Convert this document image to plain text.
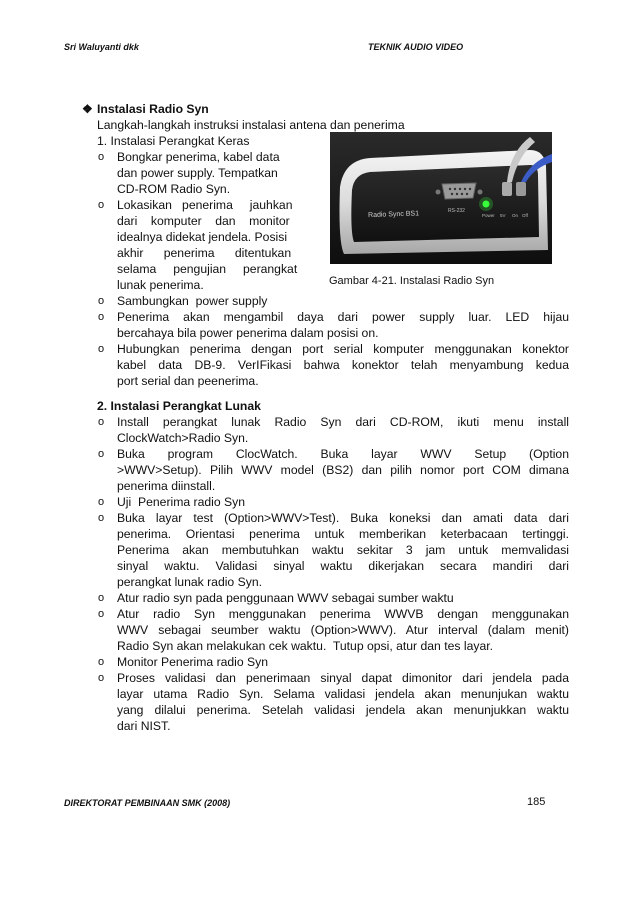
Sri Waluyanti dkk	TEKNIK AUDIO VIDEO
❖ Instalasi Radio Syn
Langkah-langkah instruksi instalasi antena dan penerima
1. Instalasi Perangkat Keras
o Bongkar penerima, kabel data
dan power supply. Tempatkan
CD-ROM Radio Syn.
o Lokasikan   penerima     jauhkan
dari    komputer    dan    monitor
idealnya didekat jendela. Posisi
akhir      penerima      ditentukan
selama     pengujian     perangkat
lunak penerima.
o Sambungkan  power supply
o Penerima akan mengambil daya dari power supply luar. LED hijau
bercahaya bila power penerima dalam posisi on.
o Hubungkan penerima dengan port serial komputer menggunakan konektor
kabel data DB-9. VerIFikasi bahwa konektor telah menyambung kedua
port serial dan peenerima.
2. Instalasi Perangkat Lunak
o Install perangkat lunak Radio Syn dari CD-ROM, ikuti menu install
ClockWatch>Radio Syn.
o Buka program ClocWatch. Buka layar WWV Setup (Option
>WWV>Setup). Pilih WWV model (BS2) dan pilih nomor port COM dimana
penerima diinstall.
o Uji  Penerima radio Syn
o Buka layar test (Option>WWV>Test). Buka koneksi dan amati data dari
penerima. Orientasi penerima untuk memberikan keterbacaan tertinggi.
Penerima akan membutuhkan waktu sekitar 3 jam untuk memvalidasi
sinyal waktu. Validasi sinyal waktu dikerjakan secara mandiri dari
perangkat lunak radio Syn.
o Atur radio syn pada penggunaan WWV sebagai sumber waktu
o Atur radio Syn menggunakan penerima WWVB dengan menggunakan
WWV sebagai seumber waktu (Option>WWV). Atur interval (dalam menit)
Radio Syn akan melakukan cek waktu.  Tutup opsi, atur dan tes layar.
o Monitor Penerima radio Syn
o Proses validasi dan penerimaan sinyal dapat dimonitor dari jendela pada
layar utama Radio Syn. Selama validasi jendela akan menunjukan waktu
yang dilalui penerima. Setelah validasi jendela akan menunjukkan waktu
dari NIST.
Radio Sync BS1	RS-232
Power 5V On Off
Gambar 4-21. Instalasi Radio Syn
DIREKTORAT PEMBINAAN SMK (2008)	185
